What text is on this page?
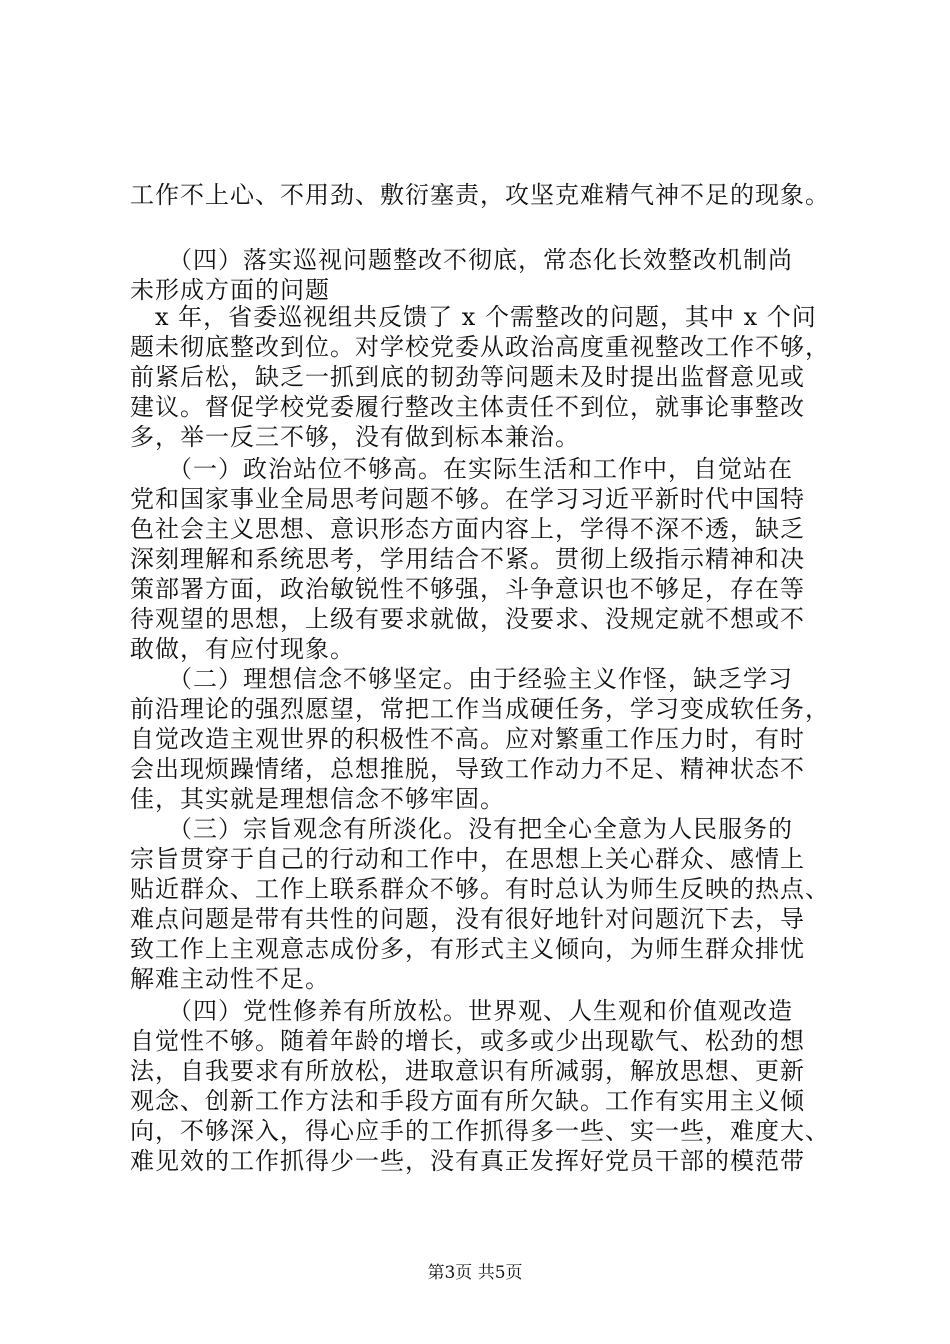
工作不上心、不用劲、敷衍塞责，攻坚克难精气神不足的现象。
　　（四）落实巡视问题整改不彻底，常态化长效整改机制尚
未形成方面的问题
　x 年，省委巡视组共反馈了 x 个需整改的问题，其中 x 个问
题未彻底整改到位。对学校党委从政治高度重视整改工作不够，
前紧后松，缺乏一抓到底的韧劲等问题未及时提出监督意见或
建议。督促学校党委履行整改主体责任不到位，就事论事整改
多，举一反三不够，没有做到标本兼治。
　　（一）政治站位不够高。在实际生活和工作中，自觉站在
党和国家事业全局思考问题不够。在学习习近平新时代中国特
色社会主义思想、意识形态方面内容上，学得不深不透，缺乏
深刻理解和系统思考，学用结合不紧。贯彻上级指示精神和决
策部署方面，政治敏锐性不够强，斗争意识也不够足，存在等
待观望的思想，上级有要求就做，没要求、没规定就不想或不
敢做，有应付现象。
　　（二）理想信念不够坚定。由于经验主义作怪，缺乏学习
前沿理论的强烈愿望，常把工作当成硬任务，学习变成软任务，
自觉改造主观世界的积极性不高。应对繁重工作压力时，有时
会出现烦躁情绪，总想推脱，导致工作动力不足、精神状态不
佳，其实就是理想信念不够牢固。
　　（三）宗旨观念有所淡化。没有把全心全意为人民服务的
宗旨贯穿于自己的行动和工作中，在思想上关心群众、感情上
贴近群众、工作上联系群众不够。有时总认为师生反映的热点、
难点问题是带有共性的问题，没有很好地针对问题沉下去，导
致工作上主观意志成份多，有形式主义倾向，为师生群众排忧
解难主动性不足。
　　（四）党性修养有所放松。世界观、人生观和价值观改造
自觉性不够。随着年龄的增长，或多或少出现歇气、松劲的想
法，自我要求有所放松，进取意识有所减弱，解放思想、更新
观念、创新工作方法和手段方面有所欠缺。工作有实用主义倾
向，不够深入，得心应手的工作抓得多一些、实一些，难度大、
难见效的工作抓得少一些，没有真正发挥好党员干部的模范带
第3页 共5页
